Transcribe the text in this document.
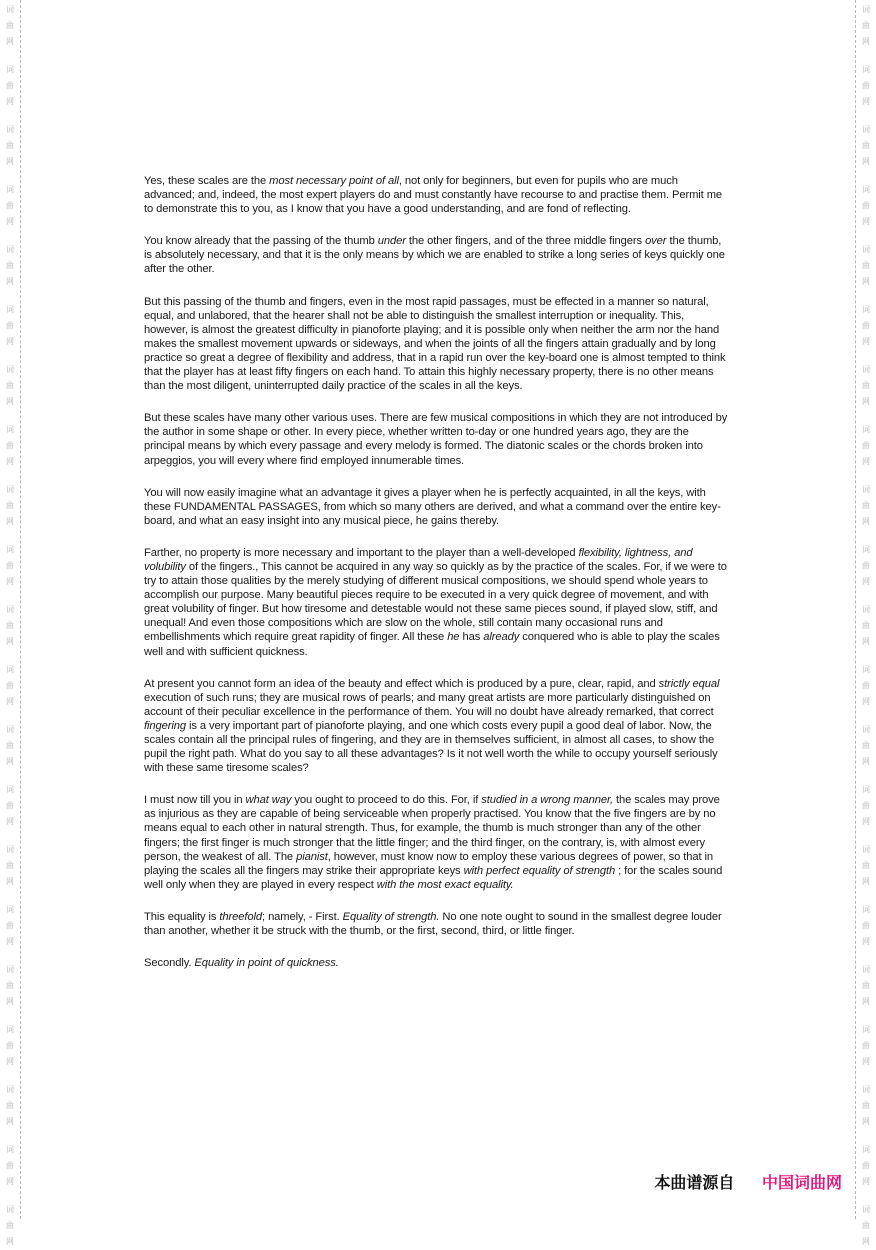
词
曲
网
词
曲
网
词
曲
网
词
曲
网
词
曲
网
词
曲
网
词
曲
网
词
曲
网
词
曲
网
词
曲
网
词
曲
网
词
曲
网
词
曲
网
词
曲
网
词
曲
网
词
曲
网
词
曲
网
词
曲
网
词
曲
网
词
曲
网
词
曲
网
词
曲
网
词
曲
网
词
曲
网
词
曲
网
词
曲
网
词
曲
网
词
曲
网
词
曲
网
词
曲
网
词
曲
网
词
曲
网
词
曲
网
词
曲
网
词
曲
网
词
曲
网
词
曲
网
词
曲
网
词
曲
网
词
曲
网
词
曲
网
词
曲
网

Yes, these scales are the most necessary point of all, not only for beginners, but even for pupils who are much advanced; and, indeed, the most expert players do and must constantly have recourse to and practise them. Permit me to demonstrate this to you, as I know that you have a good understanding, and are fond of reflecting.

You know already that the passing of the thumb under the other fingers, and of the three middle fingers over the thumb, is absolutely necessary, and that it is the only means by which we are enabled to strike a long series of keys quickly one after the other.

But this passing of the thumb and fingers, even in the most rapid passages, must be effected in a manner so natural, equal, and unlabored, that the hearer shall not be able to distinguish the smallest interruption or inequality. This, however, is almost the greatest difficulty in pianoforte playing; and it is possible only when neither the arm nor the hand makes the smallest movement upwards or sideways, and when the joints of all the fingers attain gradually and by long practice so great a degree of flexibility and address, that in a rapid run over the key-board one is almost tempted to think that the player has at least fifty fingers on each hand. To attain this highly necessary property, there is no other means than the most diligent, uninterrupted daily practice of the scales in all the keys.

But these scales have many other various uses. There are few musical compositions in which they are not introduced by the author in some shape or other. In every piece, whether written to-day or one hundred years ago, they are the principal means by which every passage and every melody is formed. The diatonic scales or the chords broken into arpeggios, you will every where find employed innumerable times.

You will now easily imagine what an advantage it gives a player when he is perfectly acquainted, in all the keys, with these FUNDAMENTAL PASSAGES, from which so many others are derived, and what a command over the entire key-board, and what an easy insight into any musical piece, he gains thereby.

Farther, no property is more necessary and important to the player than a well-developed flexibility, lightness, and volubility of the fingers., This cannot be acquired in any way so quickly as by the practice of the scales. For, if we were to try to attain those qualities by the merely studying of different musical compositions, we should spend whole years to accomplish our purpose. Many beautiful pieces require to be executed in a very quick degree of movement, and with great volubility of finger. But how tiresome and detestable would not these same pieces sound, if played slow, stiff, and unequal! And even those compositions which are slow on the whole, still contain many occasional runs and embellishments which require great rapidity of finger. All these he has already conquered who is able to play the scales well and with sufficient quickness.

At present you cannot form an idea of the beauty and effect which is produced by a pure, clear, rapid, and strictly equal execution of such runs; they are musical rows of pearls; and many great artists are more particularly distinguished on account of their peculiar excellence in the performance of them. You will no doubt have already remarked, that correct fingering is a very important part of pianoforte playing, and one which costs every pupil a good deal of labor. Now, the scales contain all the principal rules of fingering, and they are in themselves sufficient, in almost all cases, to show the pupil the right path. What do you say to all these advantages? Is it not well worth the while to occupy yourself seriously with these same tiresome scales?

I must now till you in what way you ought to proceed to do this. For, if studied in a wrong manner, the scales may prove as injurious as they are capable of being serviceable when properly practised. You know that the five fingers are by no means equal to each other in natural strength. Thus, for example, the thumb is much stronger than any of the other fingers; the first finger is much stronger that the little finger; and the third finger, on the contrary, is, with almost every person, the weakest of all. The pianist, however, must know now to employ these various degrees of power, so that in playing the scales all the fingers may strike their appropriate keys with perfect equality of strength ; for the scales sound well only when they are played in every respect with the most exact equality.

This equality is threefold; namely, - First. Equality of strength. No one note ought to sound in the smallest degree louder than another, whether it be struck with the thumb, or the first, second, third, or little finger.

Secondly. Equality in point of quickness.

本曲谱源自 中国词曲网
